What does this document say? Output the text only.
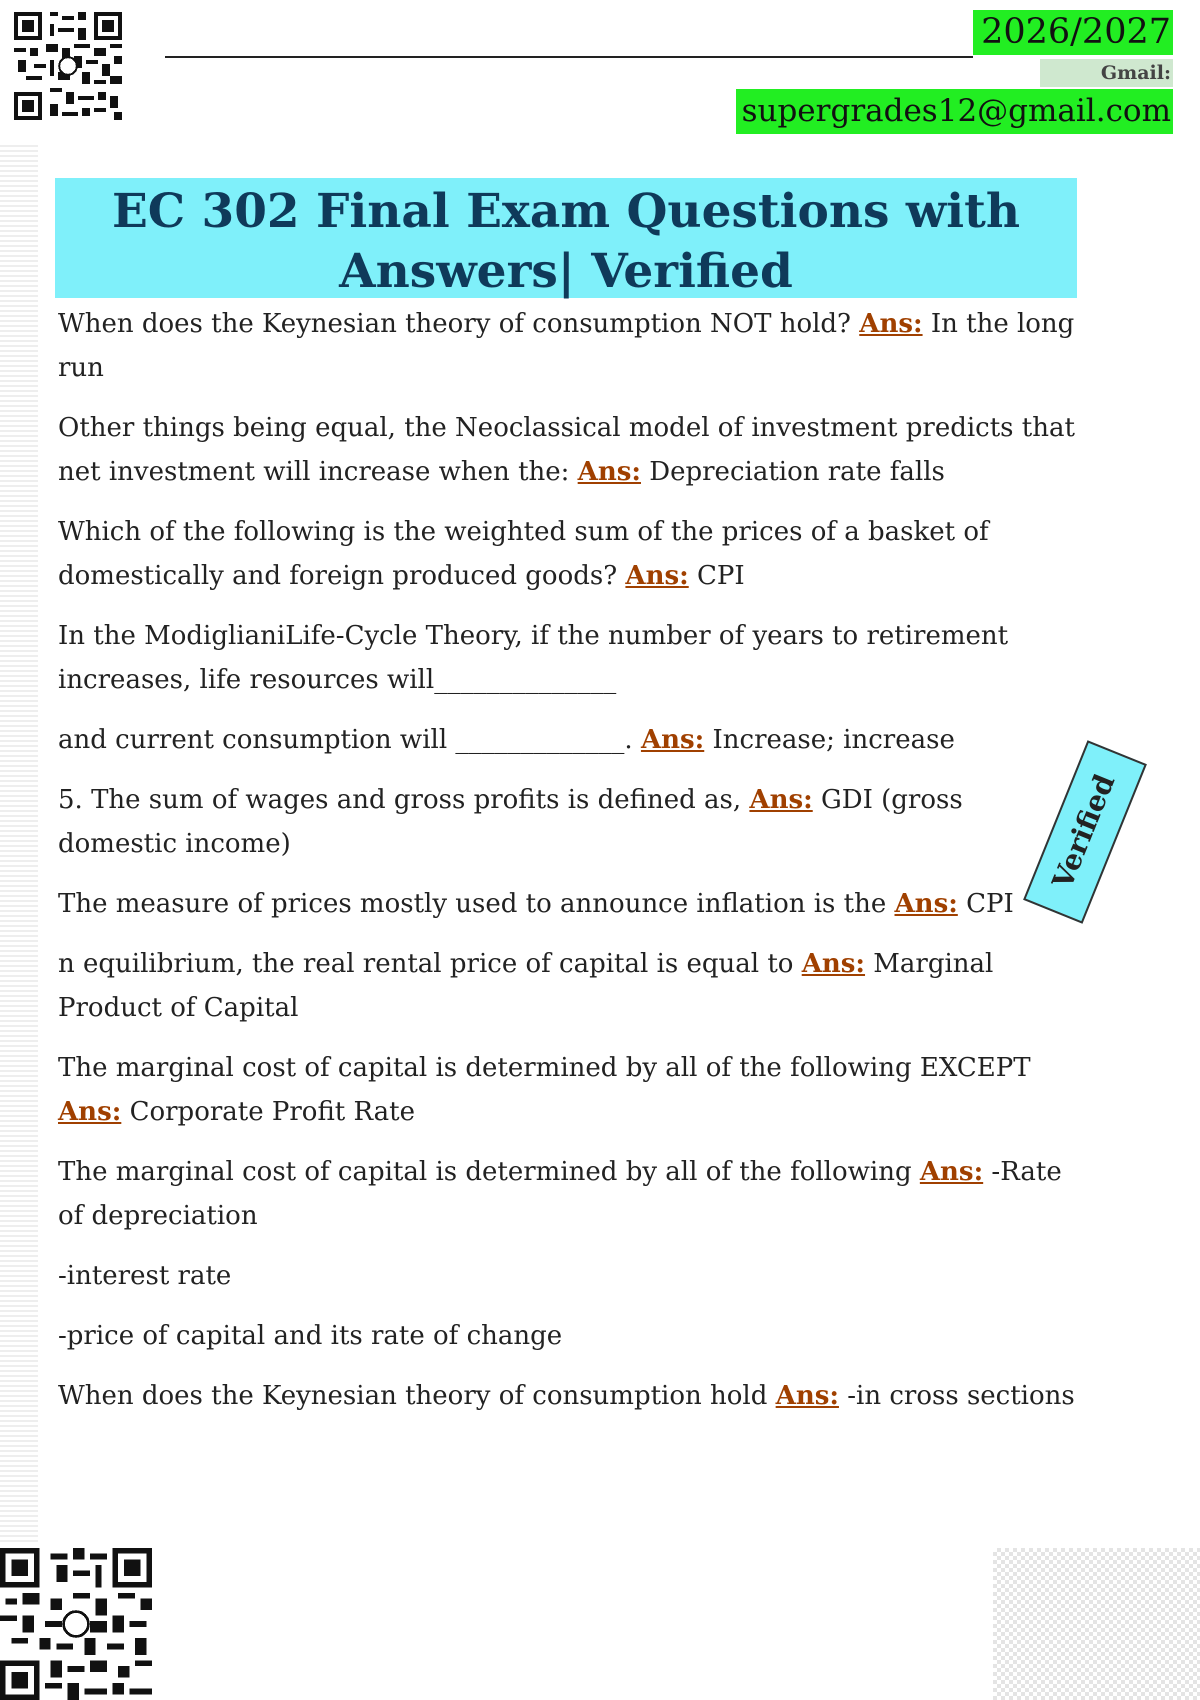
2026/2027
Gmail:
supergrades12@gmail.com
EC 302 Final Exam Questions with
Answers| Verified

When does the Keynesian theory of consumption NOT hold? Ans: In the long run

Other things being equal, the Neoclassical model of investment predicts that net investment will increase when the: Ans: Depreciation rate falls

Which of the following is the weighted sum of the prices of a basket of domestically and foreign produced goods? Ans: CPI

In the ModiglianiLife-Cycle Theory, if the number of years to retirement increases, life resources will______________

and current consumption will _____________. Ans: Increase; increase

5. The sum of wages and gross profits is defined as, Ans: GDI (gross domestic income)

The measure of prices mostly used to announce inflation is the Ans: CPI

n equilibrium, the real rental price of capital is equal to Ans: Marginal Product of Capital

The marginal cost of capital is determined by all of the following EXCEPT Ans: Corporate Profit Rate

The marginal cost of capital is determined by all of the following Ans: -Rate of depreciation

-interest rate

-price of capital and its rate of change

When does the Keynesian theory of consumption hold Ans: -in cross sections

Verified
